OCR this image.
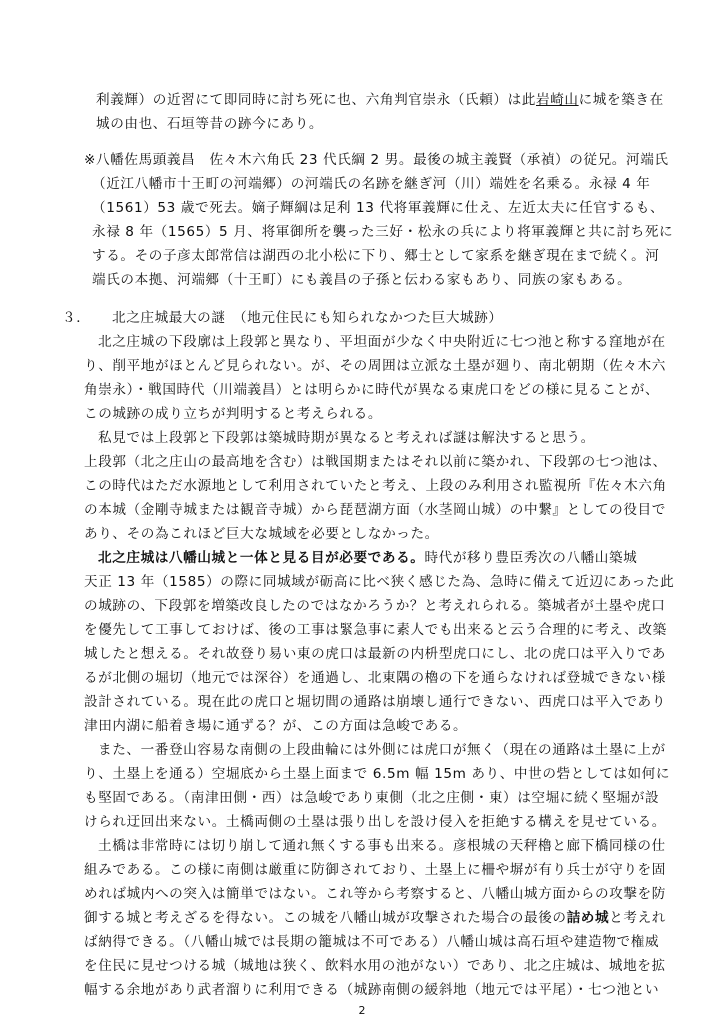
利義輝）の近習にて即同時に討ち死に也、六角判官崇永（氏頼）は此岩崎山に城を築き在
城の由也、石垣等昔の跡今にあり。
※八幡佐馬頭義昌　佐々木六角氏 23 代氏綱 2 男。最後の城主義賢（承禎）の従兄。河端氏
（近江八幡市十王町の河端郷）の河端氏の名跡を継ぎ河（川）端姓を名乗る。永禄 4 年
（1561）53 歳で死去。嫡子輝綱は足利 13 代将軍義輝に仕え、左近太夫に任官するも、
永禄 8 年（1565）5 月、将軍御所を襲った三好・松永の兵により将軍義輝と共に討ち死に
する。その子彦太郎常信は湖西の北小松に下り、郷士として家系を継ぎ現在まで続く。河
端氏の本拠、河端郷（十王町）にも義昌の子孫と伝わる家もあり、同族の家もある。
３． 北之庄城最大の謎　（地元住民にも知られなかつた巨大城跡）
北之庄城の下段廓は上段郭と異なり、平坦面が少なく中央附近に七つ池と称する窪地が在
り、削平地がほとんど見られない。が、その周囲は立派な土塁が廻り、南北朝期（佐々木六
角崇永）・戦国時代（川端義昌）とは明らかに時代が異なる東虎口をどの様に見ることが、
この城跡の成り立ちが判明すると考えられる。
私見では上段郭と下段郭は築城時期が異なると考えれば謎は解決すると思う。
上段郭（北之庄山の最高地を含む）は戦国期またはそれ以前に築かれ、下段郭の七つ池は、
この時代はただ水源地として利用されていたと考え、上段のみ利用され監視所『佐々木六角
の本城（金剛寺城または観音寺城）から琵琶湖方面（水茎岡山城）の中繋』としての役目で
あり、その為これほど巨大な城域を必要としなかった。
北之庄城は八幡山城と一体と見る目が必要である。時代が移り豊臣秀次の八幡山築城
天正 13 年（1585）の際に同城域が砺高に比べ狭く感じた為、急時に備えて近辺にあった此
の城跡の、下段郭を増築改良したのではなかろうか？と考えれられる。築城者が土塁や虎口
を優先して工事しておけば、後の工事は緊急事に素人でも出来ると云う合理的に考え、改築
城したと想える。それ故登り易い東の虎口は最新の内枡型虎口にし、北の虎口は平入りであ
るが北側の堀切（地元では深谷）を通過し、北東隅の櫓の下を通らなければ登城できない様
設計されている。現在此の虎口と堀切間の通路は崩壊し通行できない、西虎口は平入であり
津田内湖に船着き場に通ずる？が、この方面は急峻である。
また、一番登山容易な南側の上段曲輪には外側には虎口が無く（現在の通路は土塁に上が
り、土塁上を通る）空堀底から土塁上面まで 6.5m 幅 15m あり、中世の砦としては如何に
も堅固である。（南津田側・西）は急峻であり東側（北之庄側・東）は空堀に続く堅堀が設
けられ迂回出来ない。土橋両側の土塁は張り出しを設け侵入を拒絶する構えを見せている。
土橋は非常時には切り崩して通れ無くする事も出来る。彦根城の天秤櫓と廊下橋同様の仕
組みである。この様に南側は厳重に防御されており、土塁上に柵や塀が有り兵士が守りを固
めれば城内への突入は簡単ではない。これ等から考察すると、八幡山城方面からの攻撃を防
御する城と考えざるを得ない。この城を八幡山城が攻撃された場合の最後の詰め城と考えれ
ば納得できる。（八幡山城では長期の籠城は不可である）八幡山城は高石垣や建造物で権威
を住民に見せつける城（城地は狭く、飲料水用の池がない）であり、北之庄城は、城地を拡
幅する余地があり武者溜りに利用できる（城跡南側の緩斜地（地元では平尾）・七つ池とい
2
